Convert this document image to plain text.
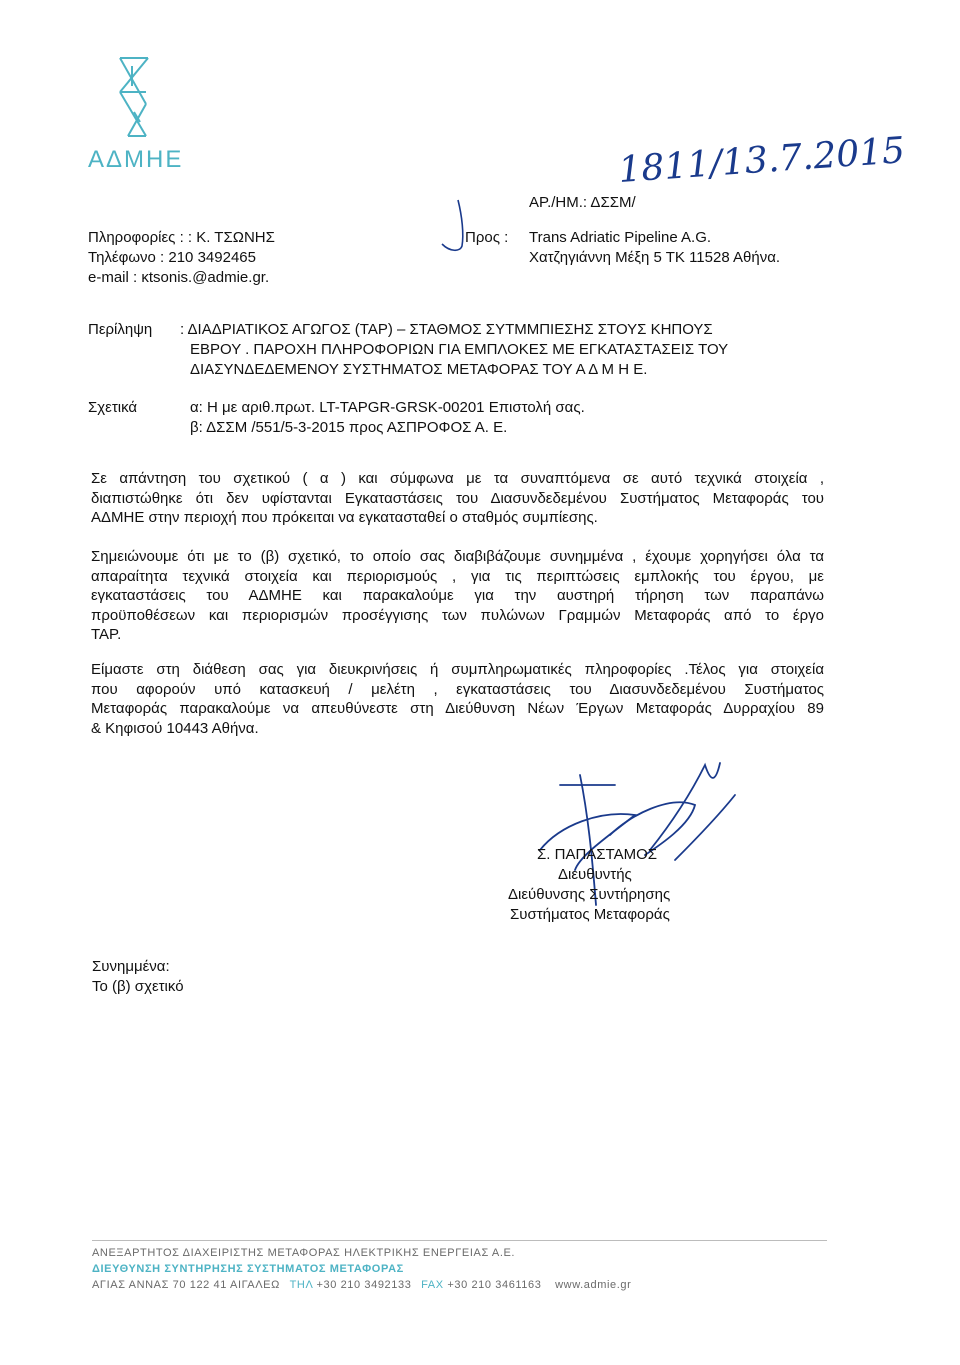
ΑΔΜΗΕ
ΑΡ./ΗΜ.: ΔΣΣΜ/
1811/13.7.2015
Πληροφορίες : : Κ. ΤΣΩΝΗΣ
Τηλέφωνο : 210 3492465
e-mail : κtsonis.@admie.gr.
Προς : Trans Adriatic Pipeline A.G.
Χατζηγιάννη Μέξη 5 ΤΚ 11528 Αθήνα.
Περίληψη : ΔΙΑΔΡΙΑΤΙΚΟΣ ΑΓΩΓΟΣ (ΤΑΡ) – ΣΤΑΘΜΟΣ ΣΥΤΜΜΠΙΕΣΗΣ ΣΤΟΥΣ ΚΗΠΟΥΣ
ΕΒΡΟΥ . ΠΑΡΟΧΗ ΠΛΗΡΟΦΟΡΙΩΝ ΓΙΑ ΕΜΠΛΟΚΕΣ ΜΕ ΕΓΚΑΤΑΣΤΑΣΕΙΣ ΤΟΥ
ΔΙΑΣΥΝΔΕΔΕΜΕΝΟΥ ΣΥΣΤΗΜΑΤΟΣ ΜΕΤΑΦΟΡΑΣ ΤΟΥ Α Δ Μ Η Ε.
Σχετικά	α: Η με αριθ.πρωτ. LT-TAPGR-GRSK-00201 Επιστολή σας.
β: ΔΣΣΜ /551/5-3-2015 προς ΑΣΠΡΟΦΟΣ Α. Ε.
Σε απάντηση του σχετικού ( α ) και σύμφωνα με τα συναπτόμενα σε αυτό τεχνικά στοιχεία ,
διαπιστώθηκε ότι δεν υφίστανται Εγκαταστάσεις του Διασυνδεδεμένου Συστήματος Μεταφοράς του
ΑΔΜΗΕ στην περιοχή που πρόκειται να εγκατασταθεί ο σταθμός συμπίεσης.
Σημειώνουμε ότι με το (β) σχετικό, το οποίο σας διαβιβάζουμε συνημμένα , έχουμε χορηγήσει όλα τα
απαραίτητα τεχνικά στοιχεία και περιορισμούς , για τις περιπτώσεις εμπλοκής του έργου, με
εγκαταστάσεις του ΑΔΜΗΕ και παρακαλούμε για την αυστηρή τήρηση των παραπάνω
προϋποθέσεων και περιορισμών προσέγγισης των πυλώνων Γραμμών Μεταφοράς από το έργο
ΤΑΡ.
Είμαστε στη διάθεση σας για διευκρινήσεις ή συμπληρωματικές πληροφορίες .Τέλος για στοιχεία
που αφορούν υπό κατασκευή / μελέτη , εγκαταστάσεις του Διασυνδεδεμένου Συστήματος
Μεταφοράς παρακαλούμε να απευθύνεστε στη Διεύθυνση Νέων Έργων Μεταφοράς Δυρραχίου 89
& Κηφισού 10443 Αθήνα.
Σ. ΠΑΠΑΣΤΑΜΟΣ
Διευθυντής
Διεύθυνσης Συντήρησης
Συστήματος Μεταφοράς
Συνημμένα:
Το (β) σχετικό
ΑΝΕΞΑΡΤΗΤΟΣ ΔΙΑΧΕΙΡΙΣΤΗΣ ΜΕΤΑΦΟΡΑΣ ΗΛΕΚΤΡΙΚΗΣ ΕΝΕΡΓΕΙΑΣ Α.Ε.
ΔΙΕΥΘΥΝΣΗ ΣΥΝΤΗΡΗΣΗΣ ΣΥΣΤΗΜΑΤΟΣ ΜΕΤΑΦΟΡΑΣ
ΑΓΙΑΣ ΑΝΝΑΣ 70 122 41 ΑΙΓΑΛΕΩ ΤΗΛ +30 210 3492133 FAX +30 210 3461163 www.admie.gr
